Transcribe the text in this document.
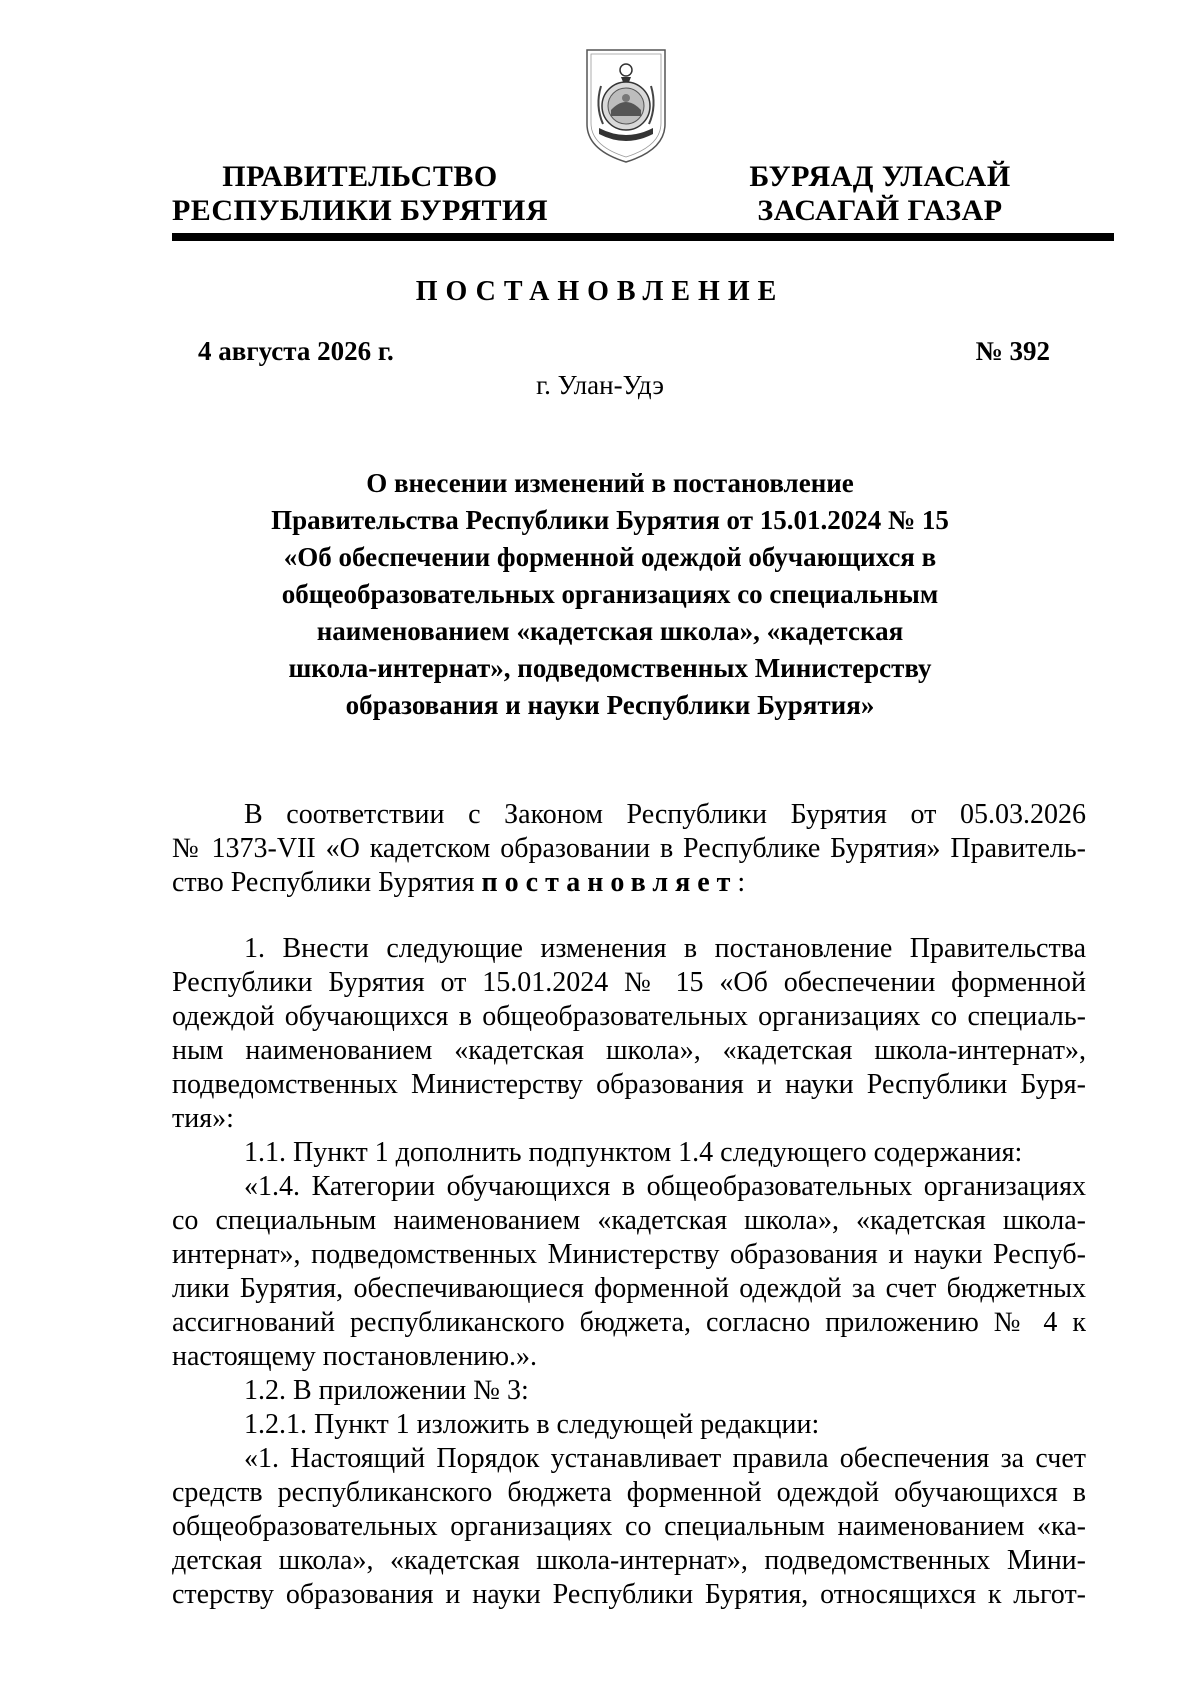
ПРАВИТЕЛЬСТВО
РЕСПУБЛИКИ БУРЯТИЯ
БУРЯАД УЛАСАЙ
ЗАСАГАЙ ГАЗАР
ПОСТАНОВЛЕНИЕ
4 августа 2026 г.	№ 392
г. Улан-Удэ
О внесении изменений в постановление
Правительства Республики Бурятия от 15.01.2024 № 15
«Об обеспечении форменной одеждой обучающихся в
общеобразовательных организациях со специальным
наименованием «кадетская школа», «кадетская
школа-интернат», подведомственных Министерству
образования и науки Республики Бурятия»
В соответствии с Законом Республики Бурятия от 05.03.2026
№ 1373-VII «О кадетском образовании в Республике Бурятия» Правитель-
ство Республики Бурятия постановляет:
1. Внести следующие изменения в постановление Правительства
Республики Бурятия от 15.01.2024 № 15 «Об обеспечении форменной
одеждой обучающихся в общеобразовательных организациях со специаль-
ным наименованием «кадетская школа», «кадетская школа-интернат»,
подведомственных Министерству образования и науки Республики Буря-
тия»:
1.1. Пункт 1 дополнить подпунктом 1.4 следующего содержания:
«1.4. Категории обучающихся в общеобразовательных организациях
со специальным наименованием «кадетская школа», «кадетская школа-
интернат», подведомственных Министерству образования и науки Респуб-
лики Бурятия, обеспечивающиеся форменной одеждой за счет бюджетных
ассигнований республиканского бюджета, согласно приложению № 4 к
настоящему постановлению.».
1.2. В приложении № 3:
1.2.1. Пункт 1 изложить в следующей редакции:
«1. Настоящий Порядок устанавливает правила обеспечения за счет
средств республиканского бюджета форменной одеждой обучающихся в
общеобразовательных организациях со специальным наименованием «ка-
детская школа», «кадетская школа-интернат», подведомственных Мини-
стерству образования и науки Республики Бурятия, относящихся к льгот-
